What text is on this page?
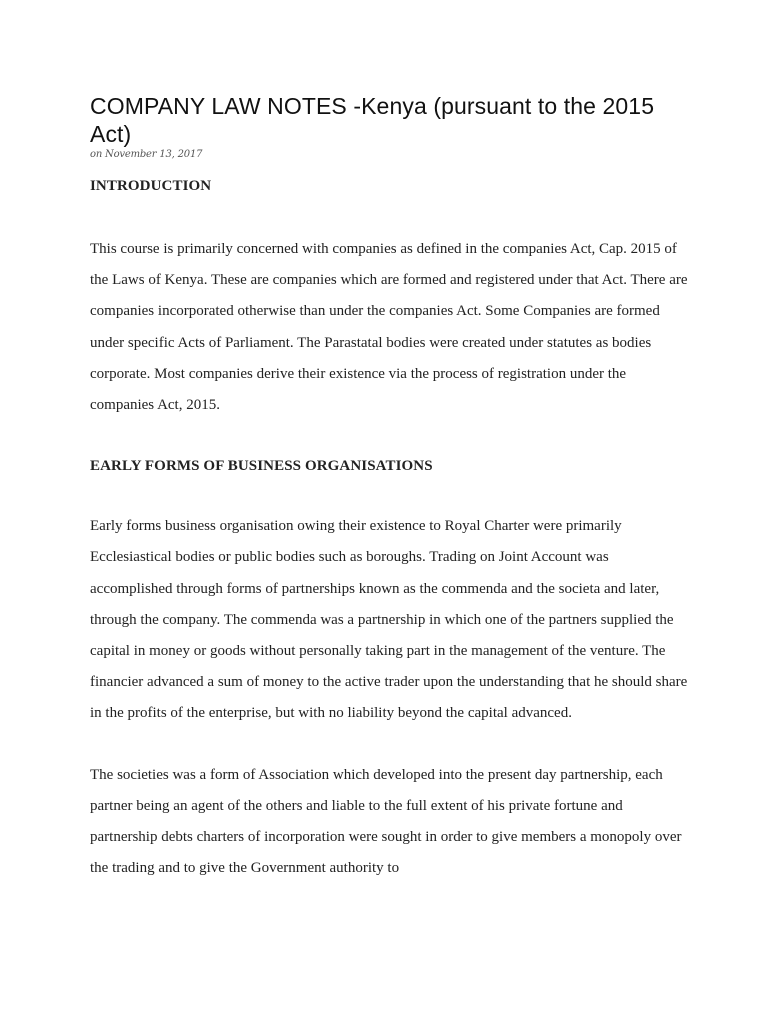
COMPANY LAW NOTES -Kenya (pursuant to the 2015 Act)

on November 13, 2017

INTRODUCTION

This course is primarily concerned with companies as defined in the companies Act, Cap. 2015 of the Laws of Kenya. These are companies which are formed and registered under that Act. There are companies incorporated otherwise than under the companies Act. Some Companies are formed under specific Acts of Parliament. The Parastatal bodies were created under statutes as bodies corporate. Most companies derive their existence via the process of registration under the companies Act, 2015.

EARLY FORMS OF BUSINESS ORGANISATIONS

Early forms business organisation owing their existence to Royal Charter were primarily Ecclesiastical bodies or public bodies such as boroughs. Trading on Joint Account was accomplished through forms of partnerships known as the commenda and the societa and later, through the company. The commenda was a partnership in which one of the partners supplied the capital in money or goods without personally taking part in the management of the venture. The financier advanced a sum of money to the active trader upon the understanding that he should share in the profits of the enterprise, but with no liability beyond the capital advanced.

The societies was a form of Association which developed into the present day partnership, each partner being an agent of the others and liable to the full extent of his private fortune and partnership debts charters of incorporation were sought in order to give members a monopoly over the trading and to give the Government authority to
